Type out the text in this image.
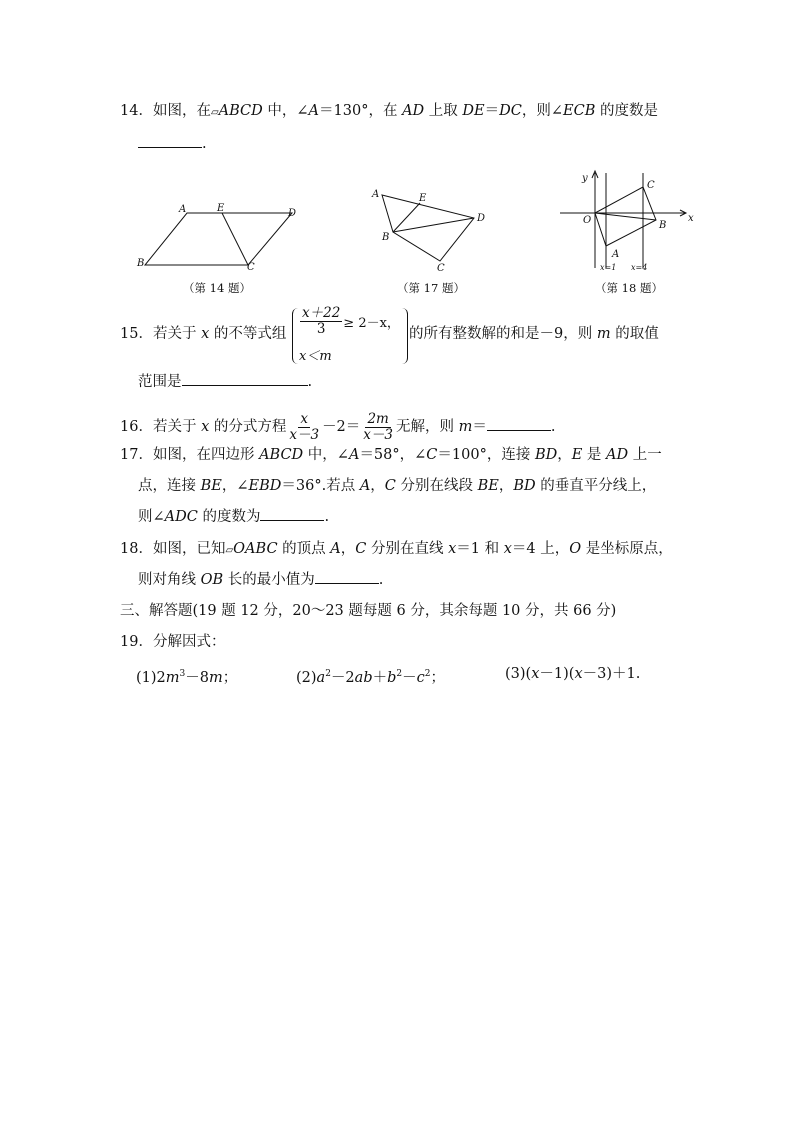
14．如图，在▱ABCD 中，∠A＝130°，在 AD 上取 DE＝DC，则∠ECB 的度数是
.
A	E	D
B	C
（第 14 题）
A	E
D
B
C
（第 17 题）
y
x
O
C
B
A
x=1 x=4
（第 18 题）
15．若关于 x 的不等式组 $\frac{x+22}{3} \ge 2-x$，
x＜m
的所有整数解的和是－9，则 m 的取值
范围是	.
16．若关于 x 的分式方程 $\frac{x}{x-3} -2= \frac{2m}{x-3}$ 无解，则 m＝	.
17．如图，在四边形 ABCD 中，∠A＝58°，∠C＝100°，连接 BD，E 是 AD 上一
点，连接 BE，∠EBD＝36°.若点 A，C 分别在线段 BE，BD 的垂直平分线上，
则∠ADC 的度数为	.
18．如图，已知▱OABC 的顶点 A，C 分别在直线 x＝1 和 x＝4 上，O 是坐标原点，
则对角线 OB 长的最小值为	.
三、解答题(19 题 12 分，20～23 题每题 6 分，其余每题 10 分，共 66 分)
19．分解因式：
$(1)2m^3-8m$；	$(2)a^2-2ab+b^2-c^2$；	(3)(x－1)(x－3)＋1.
